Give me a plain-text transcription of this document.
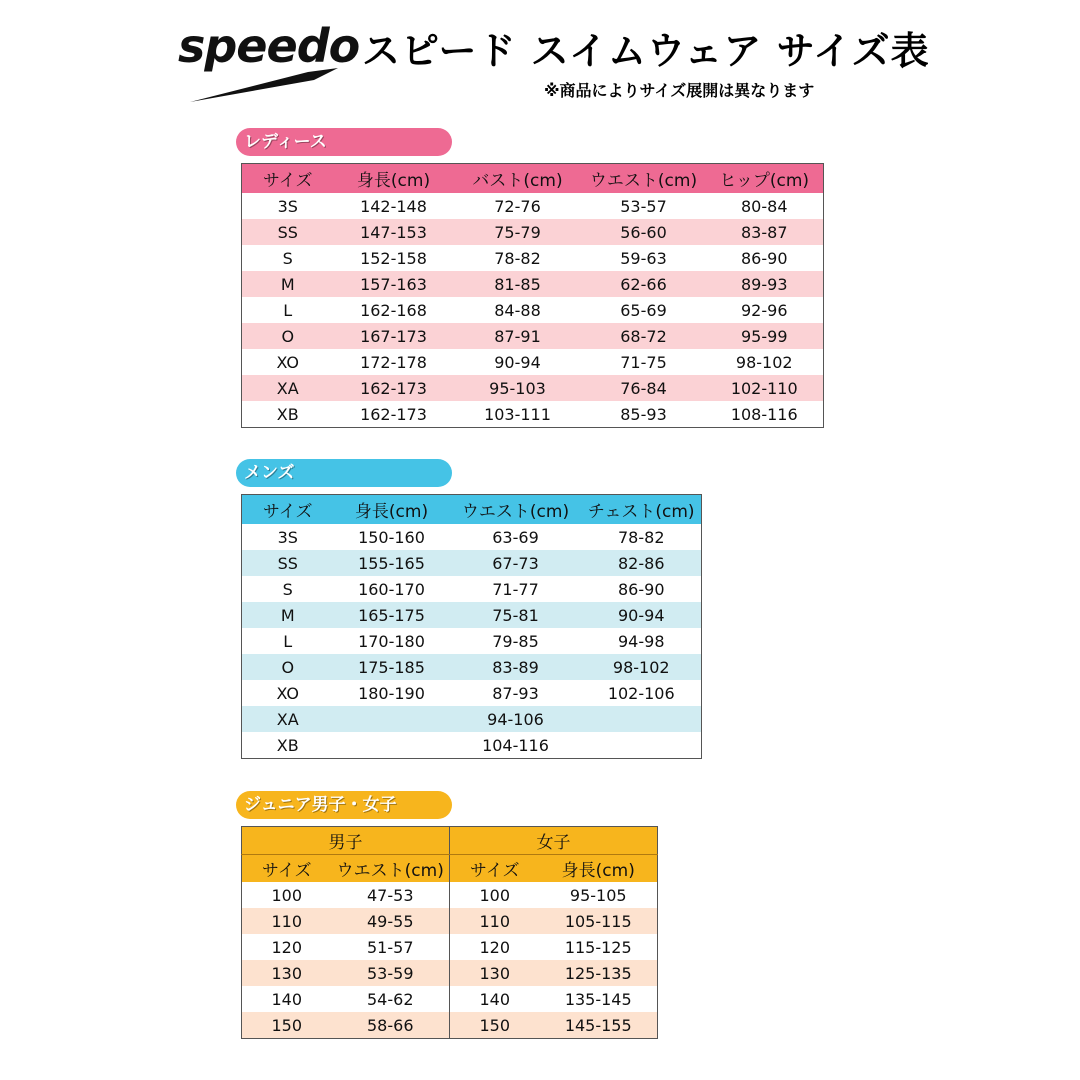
speedo スピード スイムウェア サイズ表
※商品によりサイズ展開は異なります
レディース
サイズ	身長(cm)	バスト(cm)	ウエスト(cm)	ヒップ(cm)
3S	142-148	72-76	53-57	80-84
SS	147-153	75-79	56-60	83-87
S	152-158	78-82	59-63	86-90
M	157-163	81-85	62-66	89-93
L	162-168	84-88	65-69	92-96
O	167-173	87-91	68-72	95-99
XO	172-178	90-94	71-75	98-102
XA	162-173	95-103	76-84	102-110
XB	162-173	103-111	85-93	108-116
メンズ
サイズ	身長(cm)	ウエスト(cm)	チェスト(cm)
3S	150-160	63-69	78-82
SS	155-165	67-73	82-86
S	160-170	71-77	86-90
M	165-175	75-81	90-94
L	170-180	79-85	94-98
O	175-185	83-89	98-102
XO	180-190	87-93	102-106
XA		94-106	
XB		104-116	
ジュニア男子・女子
男子		女子	
サイズ	ウエスト(cm)	サイズ	身長(cm)
100	47-53	100	95-105
110	49-55	110	105-115
120	51-57	120	115-125
130	53-59	130	125-135
140	54-62	140	135-145
150	58-66	150	145-155
